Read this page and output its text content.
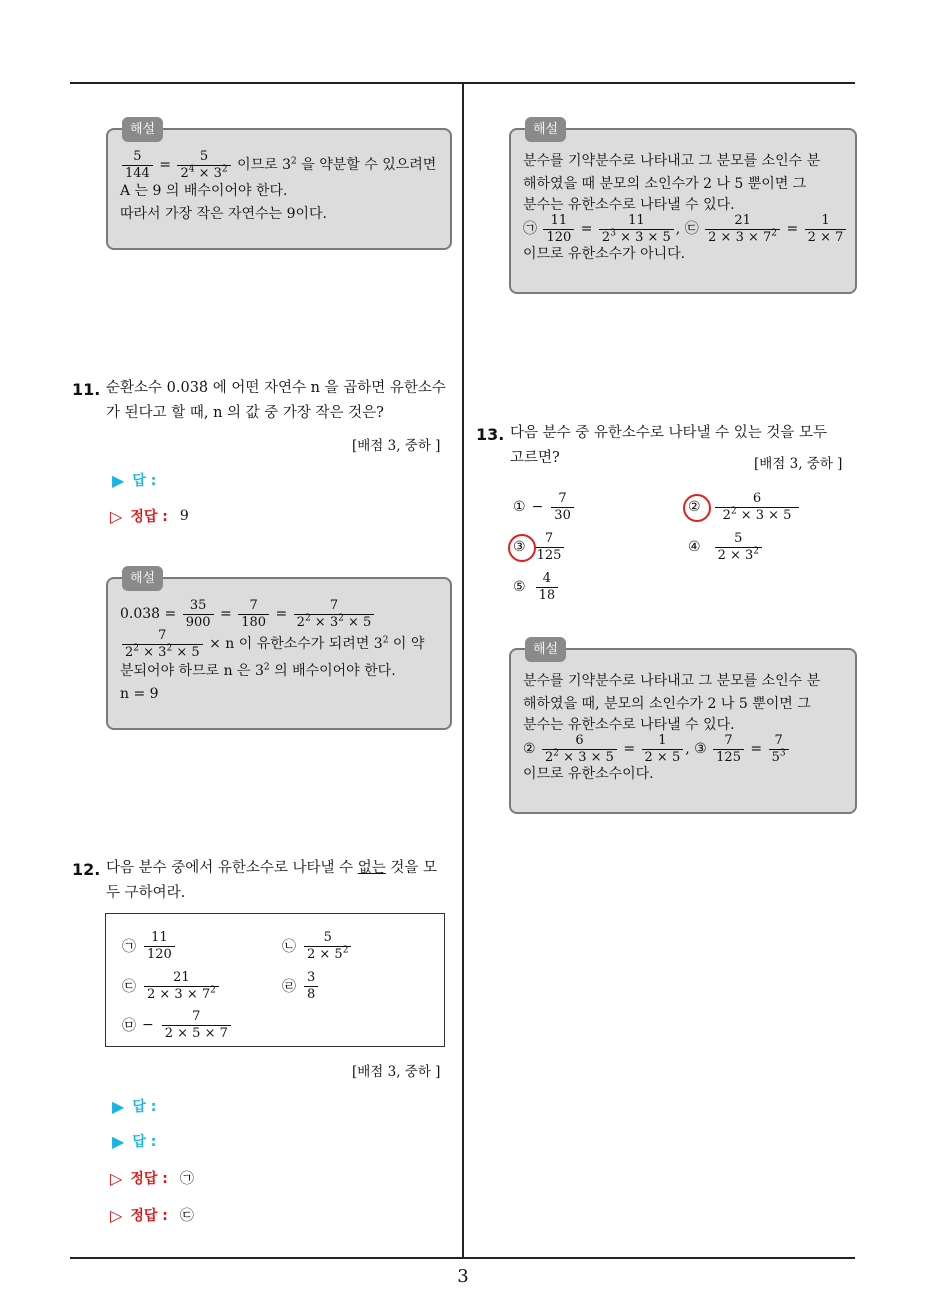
3
해설
$\frac{5}{144} = \frac{5}{2^4 \times 3^2}$ 이므로 $3^2$ 을 약분할 수 있으려면
A 는 9 의 배수이어야 한다.
따라서 가장 작은 자연수는 9이다.
해설
분수를 기약분수로 나타내고 그 분모를 소인수 분
해하였을 때 분모의 소인수가 2 나 5 뿐이면 그
분수는 유한소수로 나타낼 수 있다.
㉠ $\frac{11}{120} = \frac{11}{2^3 \times 3 \times 5}$ , ㉢ $\frac{21}{2 \times 3 \times 7^2} = \frac{1}{2 \times 7}$
이므로 유한소수가 아니다.
11. 순환소수 0.038̇ 에 어떤 자연수 n 을 곱하면 유한소수
가 된다고 할 때, n 의 값 중 가장 작은 것은?
[배점 3, 중하 ]
▶ 답 :
▷ 정답 : 9
해설
0.038̇ = $\frac{35}{900} = \frac{7}{180} = \frac{7}{2^2 \times 3^2 \times 5}$
$\frac{7}{2^2 \times 3^2 \times 5} \times n$ 이 유한소수가 되려면 $3^2$ 이 약
분되어야 하므로 n 은 $3^2$ 의 배수이어야 한다.
n = 9
13. 다음 분수 중 유한소수로 나타낼 수 있는 것을 모두
고르면?	[배점 3, 중하 ]
① − $\frac{7}{30}$	② $\frac{6}{2^2 \times 3 \times 5}$
③ $\frac{7}{125}$	④ $\frac{5}{2 \times 3^2}$
⑤ $\frac{4}{18}$
해설
분수를 기약분수로 나타내고 그 분모를 소인수 분
해하였을 때, 분모의 소인수가 2 나 5 뿐이면 그
분수는 유한소수로 나타낼 수 있다.
② $\frac{6}{2^2 \times 3 \times 5} = \frac{1}{2 \times 5}$ , ③ $\frac{7}{125} = \frac{7}{5^3}$
이므로 유한소수이다.
12. 다음 분수 중에서 유한소수로 나타낼 수 없는 것을 모
두 구하여라.
㉠ $\frac{11}{120}$	㉡ $\frac{5}{2 \times 5^2}$
㉢ $\frac{21}{2 \times 3 \times 7^2}$	㉣ $\frac{3}{8}$
㉤ − $\frac{7}{2 \times 5 \times 7}$
[배점 3, 중하 ]
▶ 답 :
▶ 답 :
▷ 정답 : ㉠
▷ 정답 : ㉢
